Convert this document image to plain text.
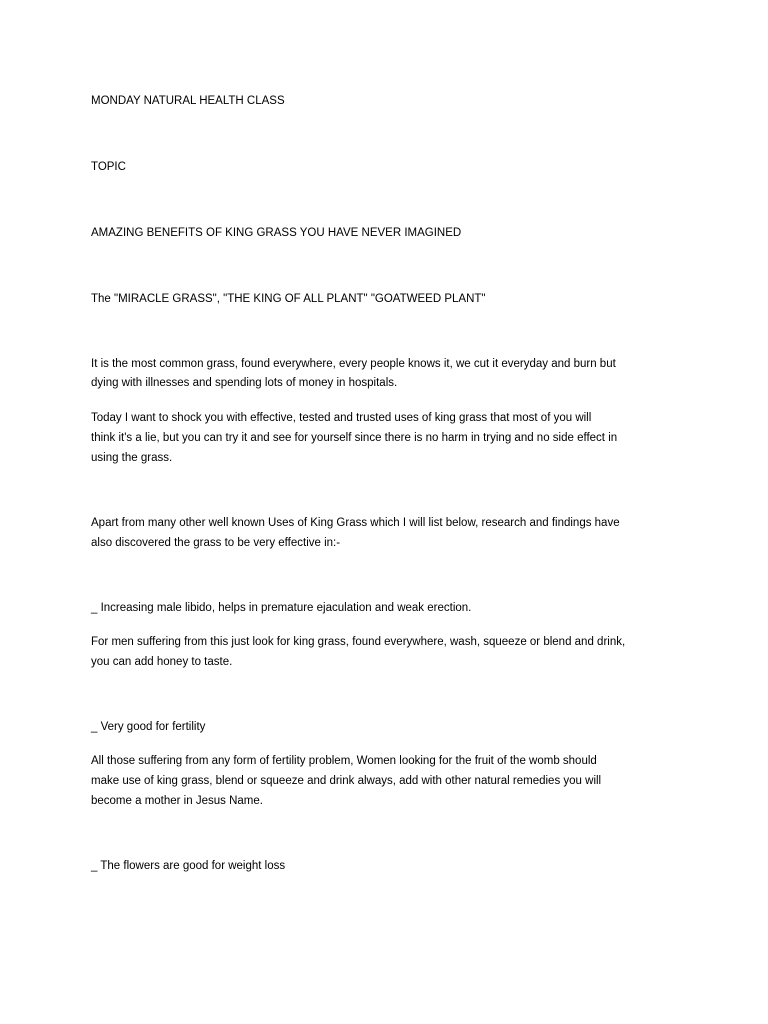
MONDAY NATURAL HEALTH CLASS

TOPIC

AMAZING BENEFITS OF KING GRASS YOU HAVE NEVER IMAGINED

The "MIRACLE GRASS", "THE KING OF ALL PLANT" "GOATWEED PLANT"

It is the most common grass, found everywhere, every people knows it, we cut it everyday and burn but

dying with illnesses and spending lots of money in hospitals.

Today I want to shock you with effective, tested and trusted uses of king grass that most of you will

think it's a lie, but you can try it and see for yourself since there is no harm in trying and no side effect in

using the grass.

Apart from many other well known Uses of King Grass which I will list below, research and findings have

also discovered the grass to be very effective in:-

_ Increasing male libido, helps in premature ejaculation and weak erection.

For men suffering from this just look for king grass, found everywhere, wash, squeeze or blend and drink,

you can add honey to taste.

_ Very good for fertility

All those suffering from any form of fertility problem, Women looking for the fruit of the womb should

make use of king grass, blend or squeeze and drink always, add with other natural remedies you will

become a mother in Jesus Name.

_ The flowers are good for weight loss
